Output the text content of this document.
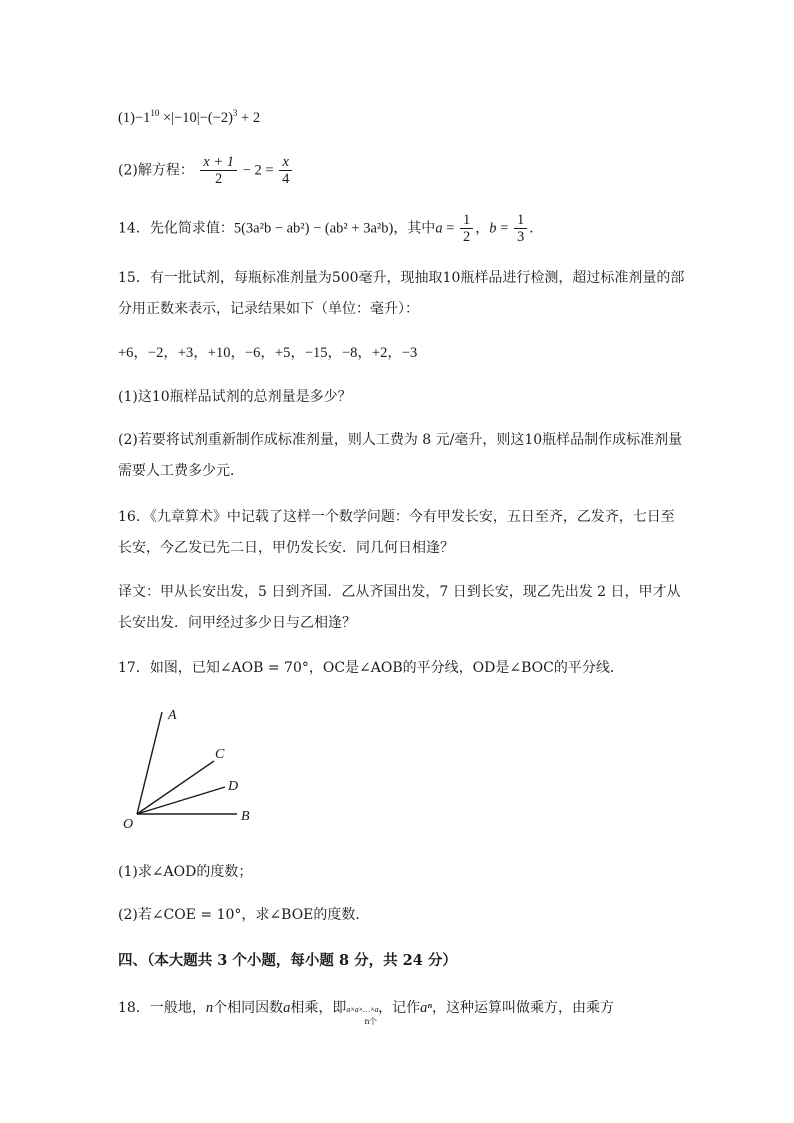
$(1)-1^{10} \times|-10|-(-2)^3 + 2$
(2)解方程： $\frac{x + 1}{2} - 2 = \frac{x}{4}$
14．先化简求值：5(3a²b − ab²) − (ab² + 3a²b)，其中$a = \frac{1}{2}$ ，$b = \frac{1}{3}$ ．
15．有一批试剂，每瓶标准剂量为500毫升，现抽取10瓶样品进行检测，超过标准剂量的部
分用正数来表示，记录结果如下（单位：毫升）：
+6，−2，+3，+10，−6，+5，−15，−8，+2，−3
(1)这10瓶样品试剂的总剂量是多少？
(2)若要将试剂重新制作成标准剂量，则人工费为 8 元/毫升，则这10瓶样品制作成标准剂量
需要人工费多少元．
16．《九章算术》中记载了这样一个数学问题：今有甲发长安，五日至齐，乙发齐，七日至
长安，今乙发已先二日，甲仍发长安．同几何日相逢？
译文：甲从长安出发，5 日到齐国．乙从齐国出发，7 日到长安，现乙先出发 2 日，甲才从
长安出发．问甲经过多少日与乙相逢？
17．如图，已知∠AOB = 70°，OC是∠AOB的平分线，OD是∠BOC的平分线．
A
C
D
B
O
(1)求∠AOD的度数；
(2)若∠COE = 10°，求∠BOE的度数．
四、（本大题共 3 个小题，每小题 8 分，共 24 分）
18．一般地，n个相同因数a相乘，即a×a×…×a
n个
，记作aⁿ，这种运算叫做乘方，由乘方
